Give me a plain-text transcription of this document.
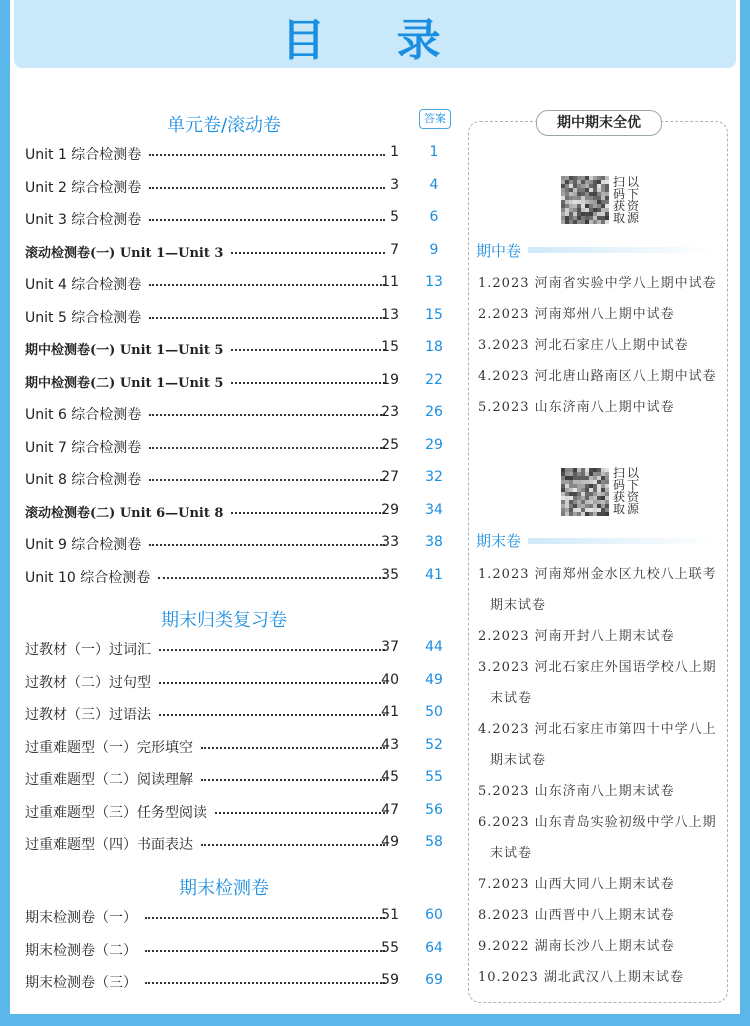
目 录
答案
单元卷/滚动卷
Unit 1 综合检测卷	1	1
Unit 2 综合检测卷	3	4
Unit 3 综合检测卷	5	6
滚动检测卷(一) Unit 1—Unit 3	7	9
Unit 4 综合检测卷	11	13
Unit 5 综合检测卷	13	15
期中检测卷(一) Unit 1—Unit 5	15	18
期中检测卷(二) Unit 1—Unit 5	19	22
Unit 6 综合检测卷	23	26
Unit 7 综合检测卷	25	29
Unit 8 综合检测卷	27	32
滚动检测卷(二) Unit 6—Unit 8	29	34
Unit 9 综合检测卷	33	38
Unit 10 综合检测卷	35	41
期末归类复习卷
过教材（一）过词汇	37	44
过教材（二）过句型	40	49
过教材（三）过语法	41	50
过重难题型（一）完形填空	43	52
过重难题型（二）阅读理解	45	55
过重难题型（三）任务型阅读	47	56
过重难题型（四）书面表达	49	58
期末检测卷
期末检测卷（一）	51	60
期末检测卷（二）	55	64
期末检测卷（三）	59	69
期中期末全优
扫 以码 下获 资取 源
期中卷
1.2023 河南省实验中学八上期中试卷
2.2023 河南郑州八上期中试卷
3.2023 河北石家庄八上期中试卷
4.2023 河北唐山路南区八上期中试卷
5.2023 山东济南八上期中试卷
扫 以码 下获 资取 源
期末卷
1.2023 河南郑州金水区九校八上联考
期末试卷
2.2023 河南开封八上期末试卷
3.2023 河北石家庄外国语学校八上期
末试卷
4.2023 河北石家庄市第四十中学八上
期末试卷
5.2023 山东济南八上期末试卷
6.2023 山东青岛实验初级中学八上期
末试卷
7.2023 山西大同八上期末试卷
8.2023 山西晋中八上期末试卷
9.2022 湖南长沙八上期末试卷
10.2023 湖北武汉八上期末试卷
